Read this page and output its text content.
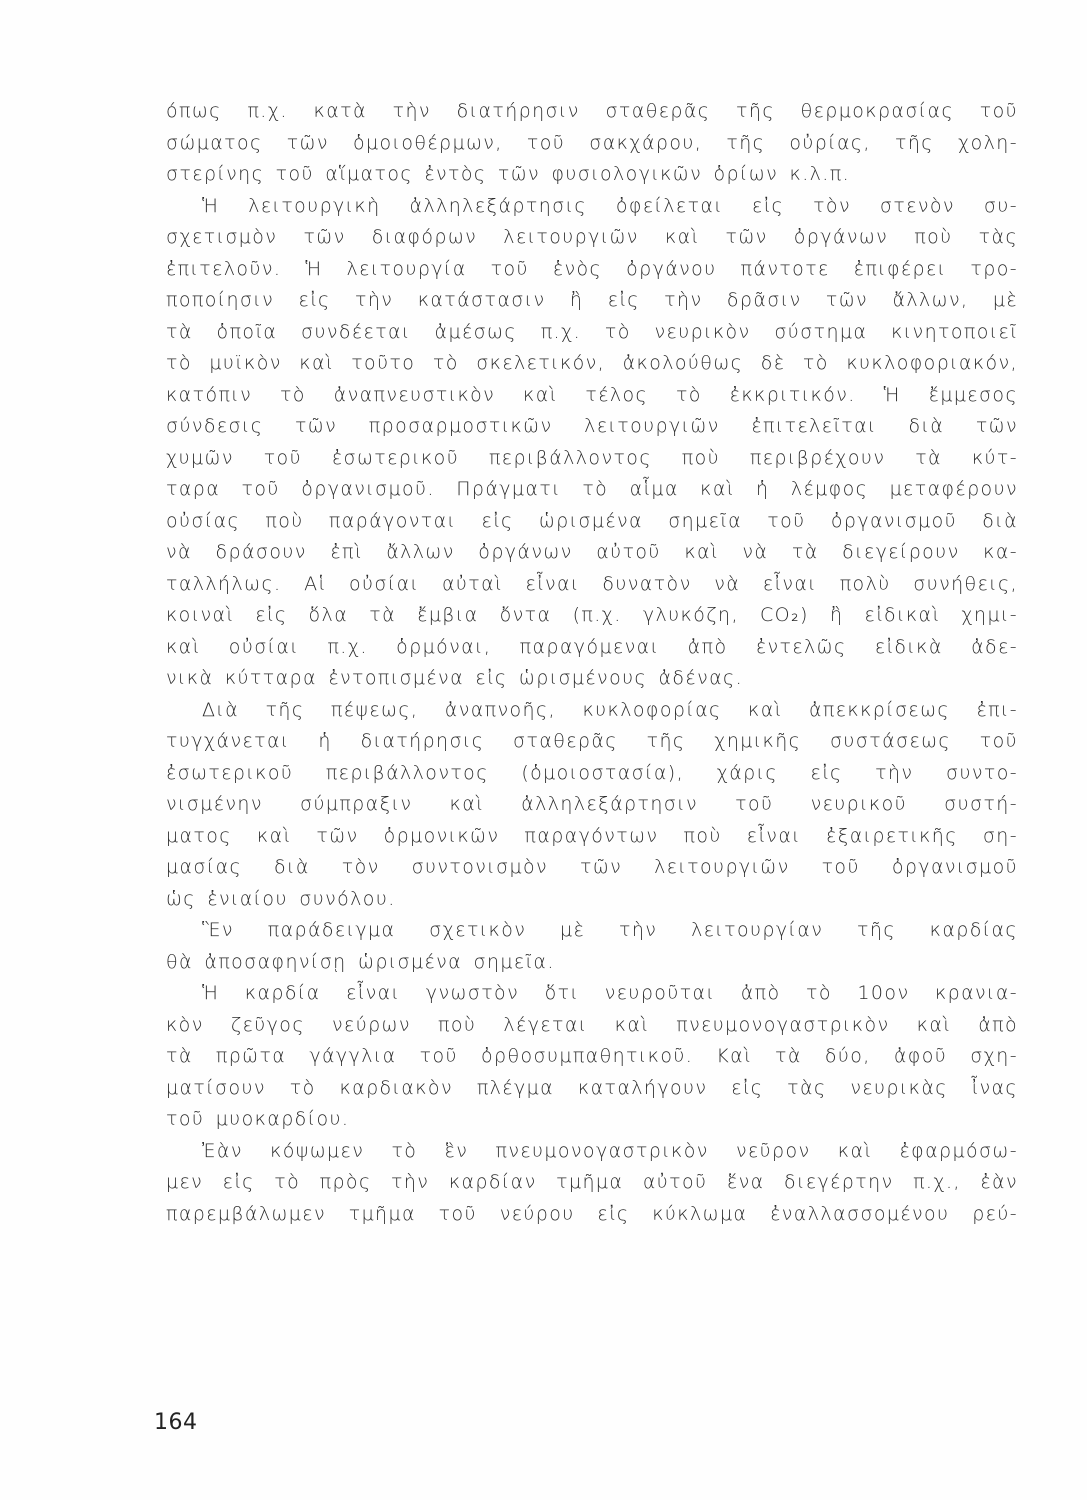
όπως π.χ. κατὰ τὴν διατήρησιν σταθερᾶς τῆς θερμοκρασίας τοῦ
σώματος τῶν ὁμοιοθέρμων, τοῦ σακχάρου, τῆς οὐρίας, τῆς χολη-
στερίνης τοῦ αἵματος ἐντὸς τῶν φυσιολογικῶν ὁρίων κ.λ.π.
Ἡ λειτουργικὴ ἀλληλεξάρτησις ὀφείλεται εἰς τὸν στενὸν συ-
σχετισμὸν τῶν διαφόρων λειτουργιῶν καὶ τῶν ὀργάνων ποὺ τὰς
ἐπιτελοῦν. Ἡ λειτουργία τοῦ ἑνὸς ὀργάνου πάντοτε ἐπιφέρει τρο-
ποποίησιν εἰς τὴν κατάστασιν ἢ εἰς τὴν δρᾶσιν τῶν ἄλλων, μὲ
τὰ ὁποῖα συνδέεται ἀμέσως π.χ. τὸ νευρικὸν σύστημα κινητοποιεῖ
τὸ μυϊκὸν καὶ τοῦτο τὸ σκελετικόν, ἀκολούθως δὲ τὸ κυκλοφοριακόν,
κατόπιν τὸ ἀναπνευστικὸν καὶ τέλος τὸ ἐκκριτικόν. Ἡ ἔμμεσος
σύνδεσις τῶν προσαρμοστικῶν λειτουργιῶν ἐπιτελεῖται διὰ τῶν
χυμῶν τοῦ ἐσωτερικοῦ περιβάλλοντος ποὺ περιβρέχουν τὰ κύτ-
ταρα τοῦ ὀργανισμοῦ. Πράγματι τὸ αἷμα καὶ ἡ λέμφος μεταφέρουν
οὐσίας ποὺ παράγονται εἰς ὡρισμένα σημεῖα τοῦ ὀργανισμοῦ διὰ
νὰ δράσουν ἐπὶ ἄλλων ὀργάνων αὐτοῦ καὶ νὰ τὰ διεγείρουν κα-
ταλλήλως. Αἱ οὐσίαι αὐταὶ εἶναι δυνατὸν νὰ εἶναι πολὺ συνήθεις,
κοιναὶ εἰς ὅλα τὰ ἔμβια ὄντα (π.χ. γλυκόζη, CO₂) ἢ εἰδικαὶ χημι-
καὶ οὐσίαι π.χ. ὁρμόναι, παραγόμεναι ἀπὸ ἐντελῶς εἰδικὰ ἀδε-
νικὰ κύτταρα ἐντοπισμένα εἰς ὡρισμένους ἀδένας.
Διὰ τῆς πέψεως, ἀναπνοῆς, κυκλοφορίας καὶ ἀπεκκρίσεως ἐπι-
τυγχάνεται ἡ διατήρησις σταθερᾶς τῆς χημικῆς συστάσεως τοῦ
ἐσωτερικοῦ περιβάλλοντος (ὁμοιοστασία), χάρις εἰς τὴν συντο-
νισμένην σύμπραξιν καὶ ἀλληλεξάρτησιν τοῦ νευρικοῦ συστή-
ματος καὶ τῶν ὁρμονικῶν παραγόντων ποὺ εἶναι ἐξαιρετικῆς ση-
μασίας διὰ τὸν συντονισμὸν τῶν λειτουργιῶν τοῦ ὀργανισμοῦ
ὡς ἑνιαίου συνόλου.
Ἓν παράδειγμα σχετικὸν μὲ τὴν λειτουργίαν τῆς καρδίας
θὰ ἀποσαφηνίσῃ ὡρισμένα σημεῖα.
Ἡ καρδία εἶναι γνωστὸν ὅτι νευροῦται ἀπὸ τὸ 10ον κρανια-
κὸν ζεῦγος νεύρων ποὺ λέγεται καὶ πνευμονογαστρικὸν καὶ ἀπὸ
τὰ πρῶτα γάγγλια τοῦ ὀρθοσυμπαθητικοῦ. Καὶ τὰ δύο, ἀφοῦ σχη-
ματίσουν τὸ καρδιακὸν πλέγμα καταλήγουν εἰς τὰς νευρικὰς ἶνας
τοῦ μυοκαρδίου.
Ἐὰν κόψωμεν τὸ ἓν πνευμονογαστρικὸν νεῦρον καὶ ἐφαρμόσω-
μεν εἰς τὸ πρὸς τὴν καρδίαν τμῆμα αὐτοῦ ἕνα διεγέρτην π.χ., ἐὰν
παρεμβάλωμεν τμῆμα τοῦ νεύρου εἰς κύκλωμα ἐναλλασσομένου ρεύ-
164
